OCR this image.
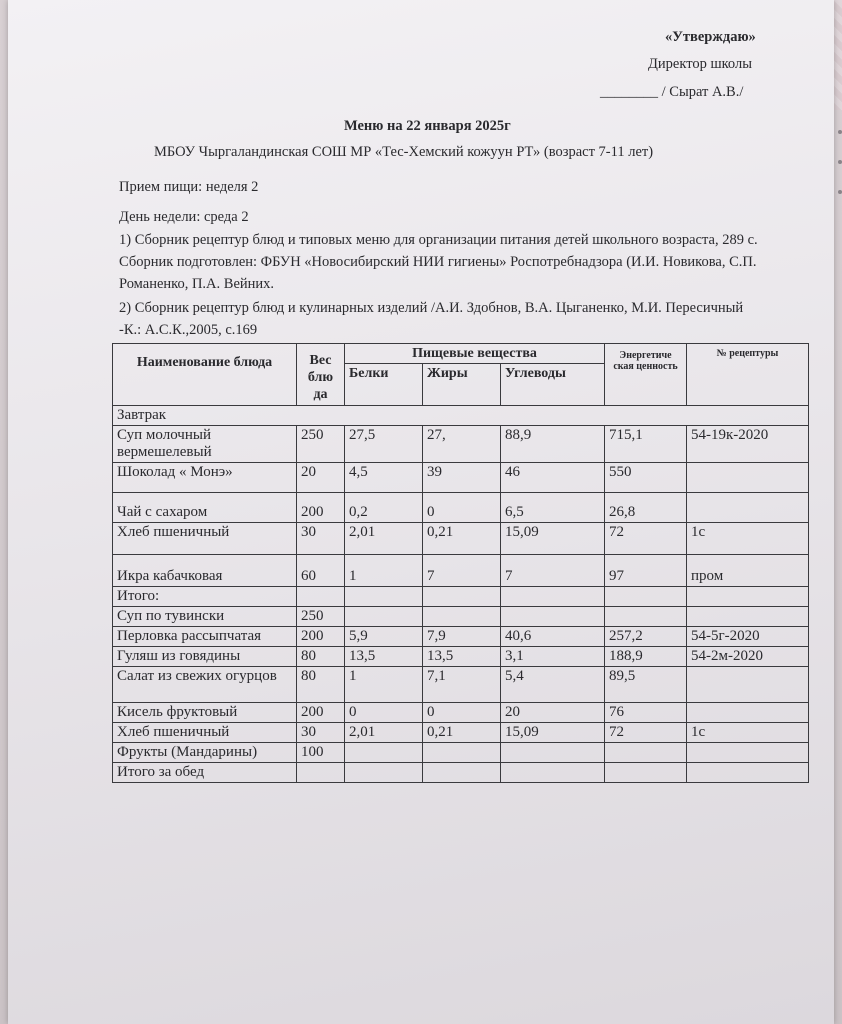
«Утверждаю»
Директор школы
________ / Сырат А.В./
Меню на 22 января 2025г
МБОУ Чыргаландинская СОШ МР «Тес-Хемский кожуун РТ» (возраст 7-11 лет)
Прием пищи: неделя 2
День недели: среда 2
1) Сборник рецептур блюд и типовых меню для организации питания детей школьного возраста, 289 с. Сборник подготовлен: ФБУН «Новосибирский НИИ гигиены» Роспотребнадзора (И.И. Новикова, С.П. Романенко, П.А. Вейних.
2) Сборник рецептур блюд и кулинарных изделий /А.И. Здобнов, В.А. Цыганенко, М.И. Пересичный -К.: А.С.К.,2005, с.169
Наименование блюда	Вес блю да	Пищевые вещества			Энергетиче ская ценность	№ рецептуры
		Белки	Жиры	Углеводы		
Завтрак						
Суп молочный вермешелевый	250	27,5	27,	88,9	715,1	54-19к-2020
Шоколад « Монэ»	20	4,5	39	46	550	
Чай с сахаром	200	0,2	0	6,5	26,8	
Хлеб пшеничный	30	2,01	0,21	15,09	72	1с
Икра кабачковая	60	1	7	7	97	пром
Итого:						
Суп по тувински	250					
Перловка рассыпчатая	200	5,9	7,9	40,6	257,2	54-5г-2020
Гуляш из говядины	80	13,5	13,5	3,1	188,9	54-2м-2020
Салат из свежих огурцов	80	1	7,1	5,4	89,5	
Кисель фруктовый	200	0	0	20	76	
Хлеб пшеничный	30	2,01	0,21	15,09	72	1с
Фрукты (Мандарины)	100					
Итого за обед						
